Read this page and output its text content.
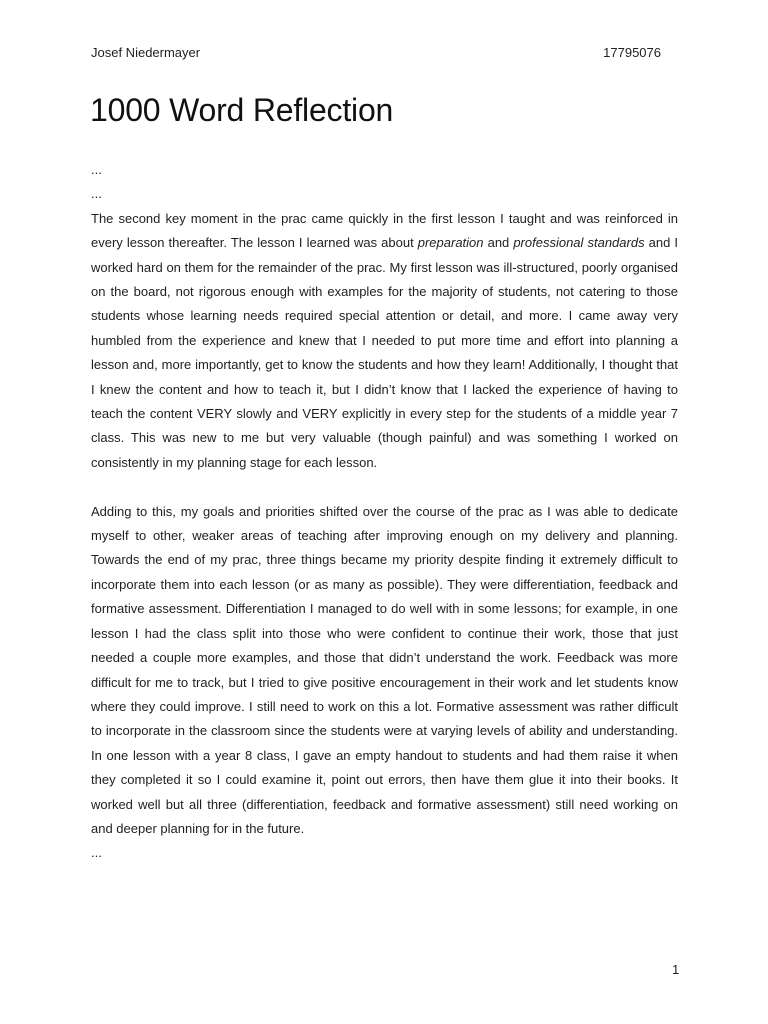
Josef Niedermayer	17795076
1000 Word Reflection

...

...

The second key moment in the prac came quickly in the first lesson I taught and was reinforced in every lesson thereafter. The lesson I learned was about preparation and professional standards and I worked hard on them for the remainder of the prac. My first lesson was ill-structured, poorly organised on the board, not rigorous enough with examples for the majority of students, not catering to those students whose learning needs required special attention or detail, and more. I came away very humbled from the experience and knew that I needed to put more time and effort into planning a lesson and, more importantly, get to know the students and how they learn! Additionally, I thought that I knew the content and how to teach it, but I didn’t know that I lacked the experience of having to teach the content VERY slowly and VERY explicitly in every step for the students of a middle year 7 class. This was new to me but very valuable (though painful) and was something I worked on consistently in my planning stage for each lesson.

Adding to this, my goals and priorities shifted over the course of the prac as I was able to dedicate myself to other, weaker areas of teaching after improving enough on my delivery and planning. Towards the end of my prac, three things became my priority despite finding it extremely difficult to incorporate them into each lesson (or as many as possible). They were differentiation, feedback and formative assessment. Differentiation I managed to do well with in some lessons; for example, in one lesson I had the class split into those who were confident to continue their work, those that just needed a couple more examples, and those that didn’t understand the work. Feedback was more difficult for me to track, but I tried to give positive encouragement in their work and let students know where they could improve. I still need to work on this a lot. Formative assessment was rather difficult to incorporate in the classroom since the students were at varying levels of ability and understanding. In one lesson with a year 8 class, I gave an empty handout to students and had them raise it when they completed it so I could examine it, point out errors, then have them glue it into their books. It worked well but all three (differentiation, feedback and formative assessment) still need working on and deeper planning for in the future.

...

1
